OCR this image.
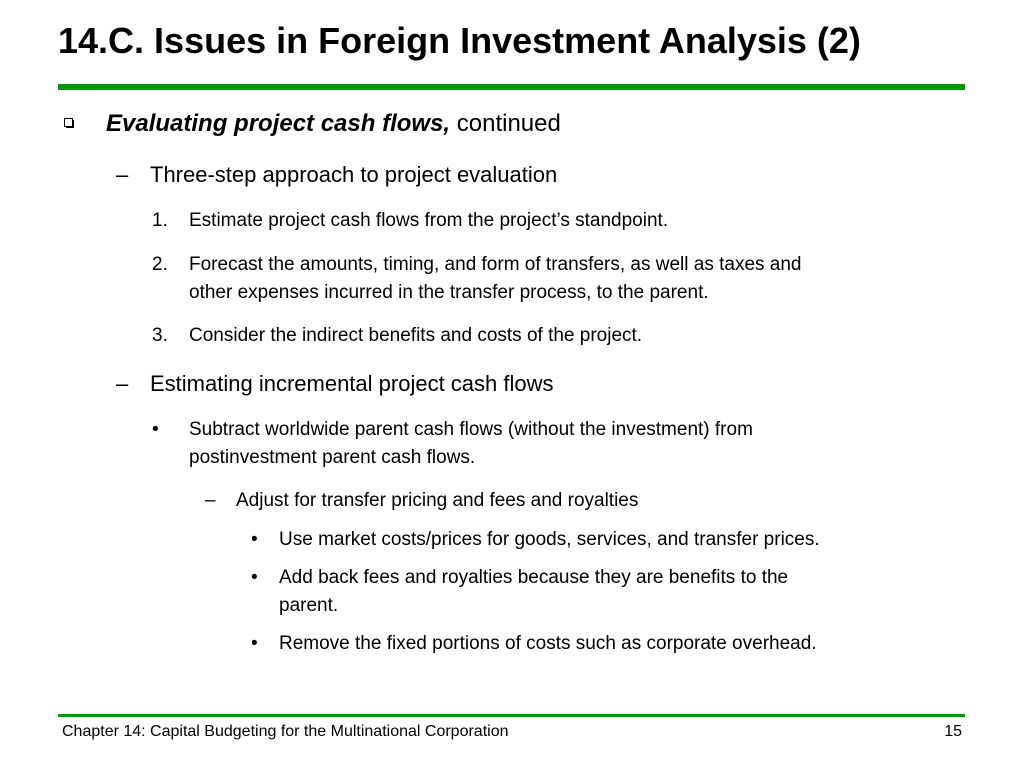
14.C. Issues in Foreign Investment Analysis (2)
Evaluating project cash flows, continued
– Three-step approach to project evaluation
1. Estimate project cash flows from the project’s standpoint.
2. Forecast the amounts, timing, and form of transfers, as well as taxes and
other expenses incurred in the transfer process, to the parent.
3. Consider the indirect benefits and costs of the project.
– Estimating incremental project cash flows
• Subtract worldwide parent cash flows (without the investment) from
postinvestment parent cash flows.
– Adjust for transfer pricing and fees and royalties
• Use market costs/prices for goods, services, and transfer prices.
• Add back fees and royalties because they are benefits to the
parent.
• Remove the fixed portions of costs such as corporate overhead.
Chapter 14: Capital Budgeting for the Multinational Corporation	15
